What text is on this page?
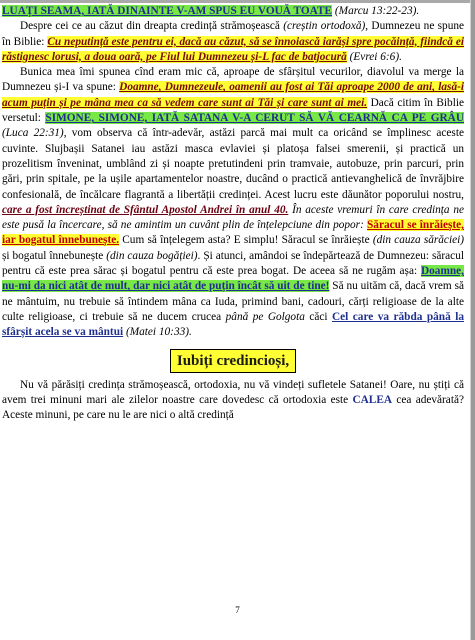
LUAȚI SEAMA, IATĂ DINAINTE V-AM SPUS EU VOUĂ TOATE (Marcu 13:22-23).

Despre cei ce au căzut din dreapta credință strămoșească (creștin ortodoxă), Dumnezeu ne spune în Biblie: Cu neputință este pentru ei, dacă au căzut, să se înnoiască iarăși spre pocăință, fiindcă ei răstignesc lorusi, a doua oară, pe Fiul lui Dumnezeu și-L fac de batjocură (Evrei 6:6).

Bunica mea îmi spunea cînd eram mic că, aproape de sfârșitul vecurilor, diavolul va merge la Dumnezeu și-I va spune: Doamne, Dumnezeule, oamenii au fost ai Tăi aproape 2000 de ani, lasă-i acum puțin și pe mâna mea ca să vedem care sunt ai Tăi și care sunt ai mei. Dacă citim în Biblie versetul: SIMONE, SIMONE, IATĂ SATANA V-A CERUT SĂ VĂ CEARNĂ CA PE GRÂU (Luca 22:31), vom observa că într-adevăr, astăzi parcă mai mult ca oricând se împlinesc aceste cuvinte. Slujbașii Satanei iau astăzi masca evlaviei și platoșa falsei smerenii, și practică un prozelitism înveninat, umblând zi și noapte pretutindeni prin tramvaie, autobuze, prin parcuri, prin gări, prin spitale, pe la ușile apartamentelor noastre, ducând o practică antievanghelică de învrăjbire confesională, de încălcare flagrantă a libertății credinței. Acest lucru este dăunător poporului nostru, care a fost încreștinat de Sfântul Apostol Andrei în anul 40. În aceste vremuri în care credința ne este pusă la încercare, să ne amintim un cuvânt plin de înțelepciune din popor: Săracul se înrăiește, iar bogatul înnebunește. Cum să înțelegem asta? E simplu! Săracul se înrăiește (din cauza sărăciei) și bogatul înnebunește (din cauza bogăției). Și atunci, amândoi se îndepărtează de Dumnezeu: săracul pentru că este prea sărac și bogatul pentru că este prea bogat. De aceea să ne rugăm așa: Doamne, nu-mi da nici atât de mult, dar nici atât de puțin încât să uit de tine! Să nu uităm că, dacă vrem să ne mântuim, nu trebuie să întindem mâna ca Iuda, primind bani, cadouri, cărți religioase de la alte culte religioase, ci trebuie să ne ducem crucea până pe Golgota căci Cel care va răbda până la sfârșit acela se va mântui (Matei 10:33).

Iubiți credincioși,

Nu vă părăsiți credința strămoșească, ortodoxia, nu vă vindeți sufletele Satanei! Oare, nu știți că avem trei minuni mari ale zilelor noastre care dovedesc că ortodoxia este CALEA cea adevărată? Aceste minuni, pe care nu le are nici o altă credință

7
